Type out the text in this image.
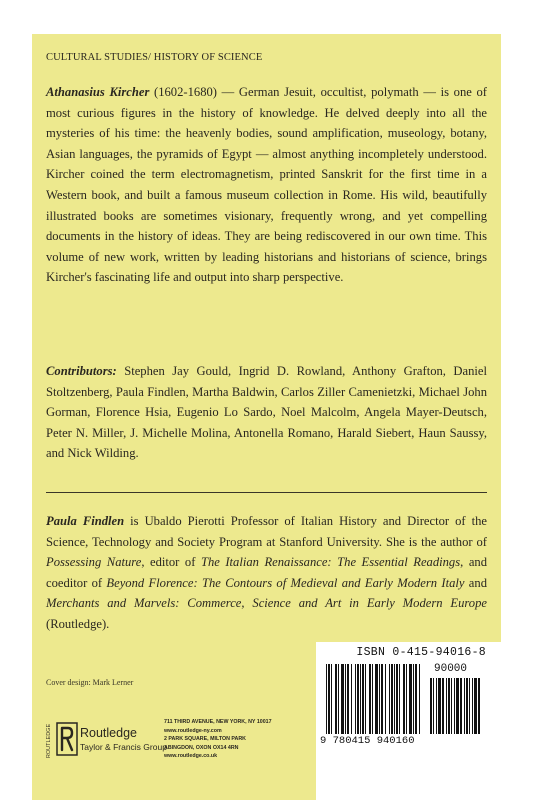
CULTURAL STUDIES/ HISTORY OF SCIENCE

Athanasius Kircher (1602-1680) — German Jesuit, occultist, polymath — is one of most curious figures in the history of knowledge. He delved deeply into all the mysteries of his time: the heavenly bodies, sound amplification, museology, botany, Asian languages, the pyramids of Egypt — almost anything incompletely understood. Kircher coined the term electromagnetism, printed Sanskrit for the first time in a Western book, and built a famous museum collection in Rome. His wild, beautifully illustrated books are sometimes visionary, frequently wrong, and yet compelling documents in the history of ideas. They are being rediscovered in our own time. This volume of new work, written by leading historians and historians of science, brings Kircher's fascinating life and output into sharp perspective.

Contributors: Stephen Jay Gould, Ingrid D. Rowland, Anthony Grafton, Daniel Stoltzenberg, Paula Findlen, Martha Baldwin, Carlos Ziller Camenietzki, Michael John Gorman, Florence Hsia, Eugenio Lo Sardo, Noel Malcolm, Angela Mayer-Deutsch, Peter N. Miller, J. Michelle Molina, Antonella Romano, Harald Siebert, Haun Saussy, and Nick Wilding.

Paula Findlen is Ubaldo Pierotti Professor of Italian History and Director of the Science, Technology and Society Program at Stanford University. She is the author of Possessing Nature, editor of The Italian Renaissance: The Essential Readings, and coeditor of Beyond Florence: The Contours of Medieval and Early Modern Italy and Merchants and Marvels: Commerce, Science and Art in Early Modern Europe (Routledge).

Cover design: Mark Lerner
ROUTLEDGE Routledge
Taylor & Francis Group
711 THIRD AVENUE, NEW YORK, NY 10017
www.routledge-ny.com
2 PARK SQUARE, MILTON PARK
ABINGDON, OXON OX14 4RN
www.routledge.co.uk
ISBN 0-415-94016-8
90000
9 780415 940160
